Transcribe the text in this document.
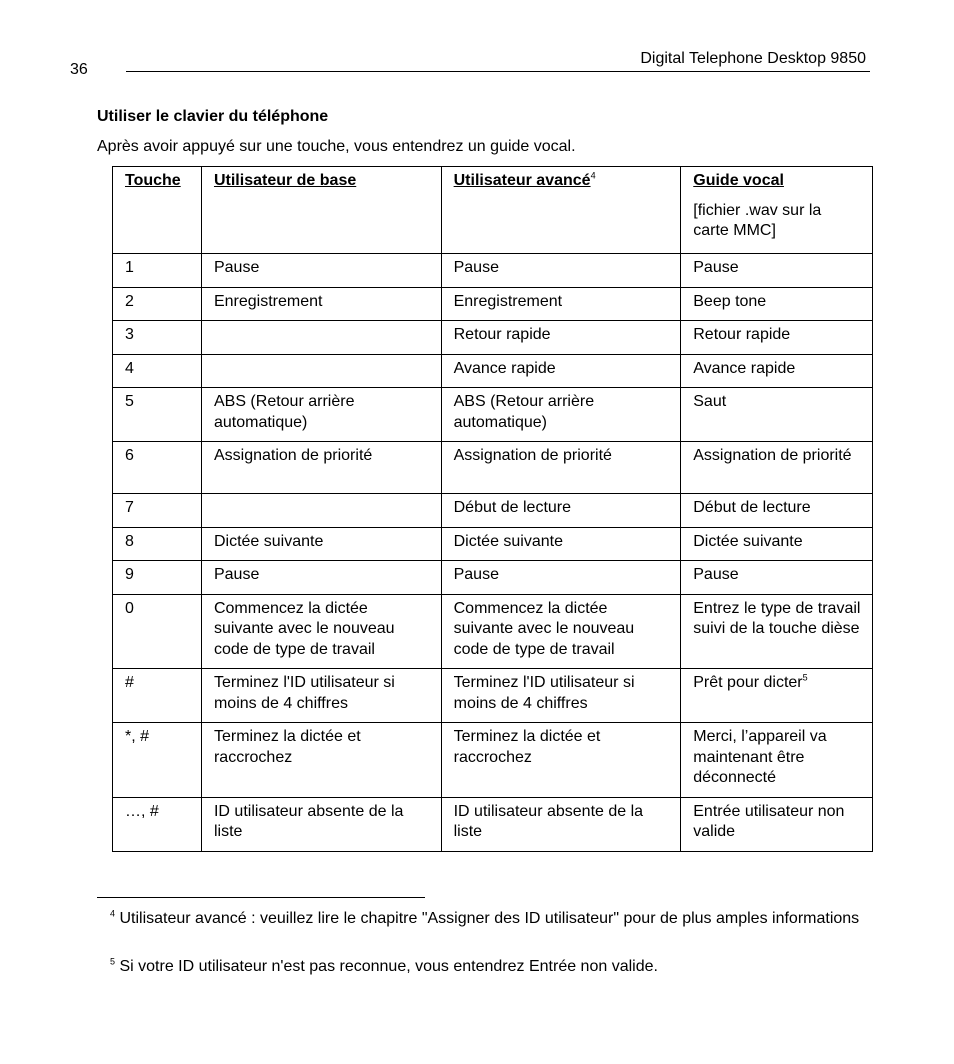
36
Digital Telephone Desktop 9850
Utiliser le clavier du téléphone
Après avoir appuyé sur une touche, vous entendrez un guide vocal.
Touche	Utilisateur de base	Utilisateur avancé$^4$	Guide vocal
[fichier .wav sur la carte MMC]

1	Pause	Pause	Pause
2	Enregistrement	Enregistrement	Beep tone
3		Retour rapide	Retour rapide
4		Avance rapide	Avance rapide
5	ABS (Retour arrière automatique)	ABS (Retour arrière automatique)	Saut
6	Assignation de priorité	Assignation de priorité	Assignation de priorité
7		Début de lecture	Début de lecture
8	Dictée suivante	Dictée suivante	Dictée suivante
9	Pause	Pause	Pause
0	Commencez la dictée suivante avec le nouveau code de type de travail	Commencez la dictée suivante avec le nouveau code de type de travail	Entrez le type de travail suivi de la touche dièse
#	Terminez l'ID utilisateur si moins de 4 chiffres	Terminez l'ID utilisateur si moins de 4 chiffres	Prêt pour dicter$^5$
*, #	Terminez la dictée et raccrochez	Terminez la dictée et raccrochez	Merci, l’appareil va maintenant être déconnecté
…, #	ID utilisateur absente de la liste	ID utilisateur absente de la liste	Entrée utilisateur non valide
$^4$ Utilisateur avancé : veuillez lire le chapitre "Assigner des ID utilisateur" pour de plus amples informations
$^5$ Si votre ID utilisateur n'est pas reconnue, vous entendrez Entrée non valide.
